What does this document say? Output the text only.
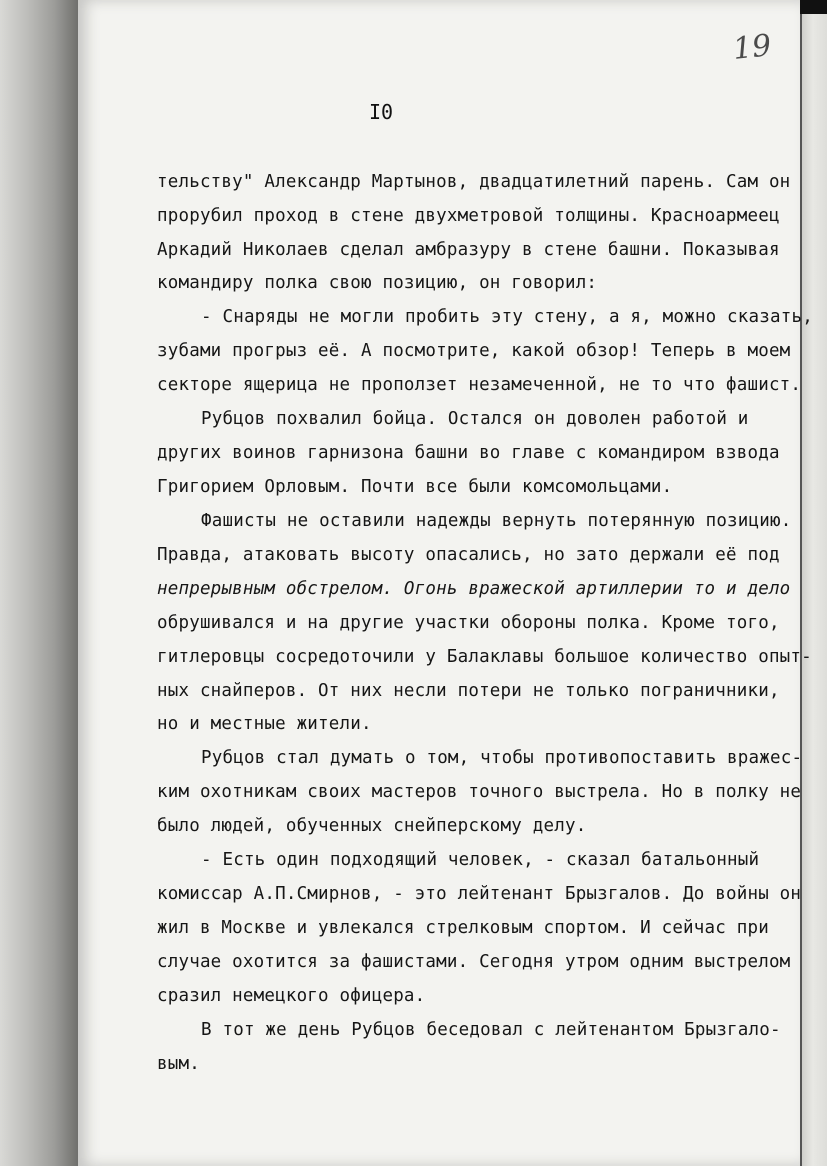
19
I0
тельству" Александр Мартынов, двадцатилетний парень. Сам он
прорубил проход в стене двухметровой толщины. Красноармеец
Аркадий Николаев сделал амбразуру в стене башни. Показывая
командиру полка свою позицию, он говорил:
- Снаряды не могли пробить эту стену, а я, можно сказать,
зубами прогрыз её. А посмотрите, какой обзор! Теперь в моем
секторе ящерица не проползет незамеченной, не то что фашист.
Рубцов похвалил бойца. Остался он доволен работой и
других воинов гарнизона башни во главе с командиром взвода
Григорием Орловым. Почти все были комсомольцами.
Фашисты не оставили надежды вернуть потерянную позицию.
Правда, атаковать высоту опасались, но зато держали её под
непрерывным обстрелом. Огонь вражеской артиллерии то и дело
обрушивался и на другие участки обороны полка. Кроме того,
гитлеровцы сосредоточили у Балаклавы большое количество опыт-
ных снайперов. От них несли потери не только пограничники,
но и местные жители.
Рубцов стал думать о том, чтобы противопоставить вражес-
ким охотникам своих мастеров точного выстрела. Но в полку не
было людей, обученных снейперскому делу.
- Есть один подходящий человек, - сказал батальонный
комиссар А.П.Смирнов, - это лейтенант Брызгалов. До войны он
жил в Москве и увлекался стрелковым спортом. И сейчас при
случае охотится за фашистами. Сегодня утром одним выстрелом
сразил немецкого офицера.
В тот же день Рубцов беседовал с лейтенантом Брызгало-
вым.
